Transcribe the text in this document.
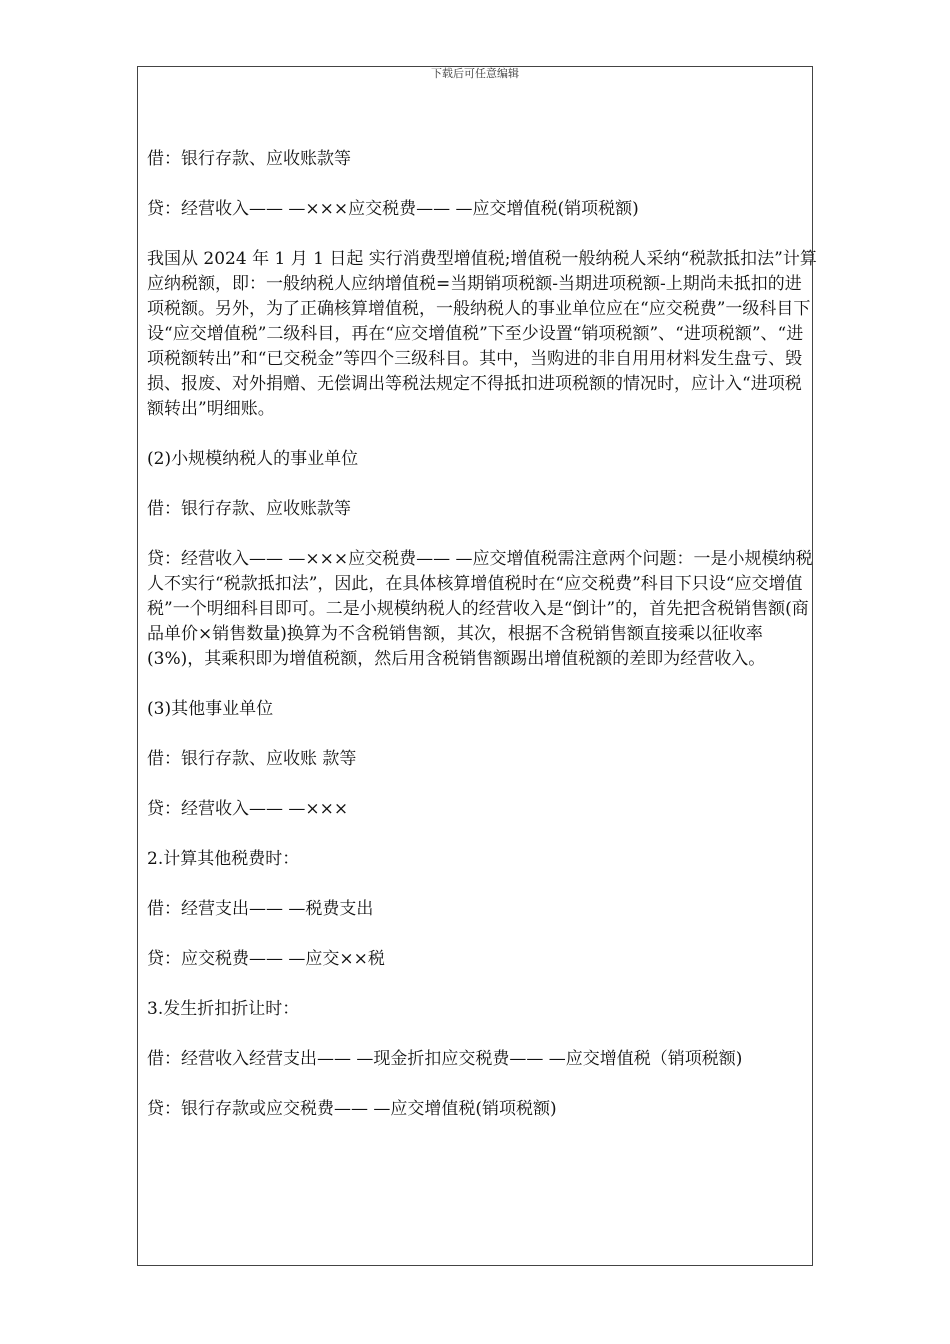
下载后可任意编辑

借：银行存款、应收账款等

贷：经营收入—— —×××应交税费—— —应交增值税(销项税额)

我国从 2024 年 1 月 1 日起 实行消费型增值税;增值税一般纳税人采纳“税款抵扣法”计算应纳税额，即：一般纳税人应纳增值税=当期销项税额-当期进项税额-上期尚未抵扣的进项税额。另外，为了正确核算增值税，一般纳税人的事业单位应在“应交税费”一级科目下设“应交增值税”二级科目，再在“应交增值税”下至少设置“销项税额”、“进项税额”、“进项税额转出”和“已交税金”等四个三级科目。其中，当购进的非自用用材料发生盘亏、毁损、报废、对外捐赠、无偿调出等税法规定不得抵扣进项税额的情况时，应计入“进项税额转出”明细账。

(2)小规模纳税人的事业单位

借：银行存款、应收账款等

贷：经营收入—— —×××应交税费—— —应交增值税需注意两个问题：一是小规模纳税人不实行“税款抵扣法”，因此，在具体核算增值税时在“应交税费”科目下只设“应交增值税”一个明细科目即可。二是小规模纳税人的经营收入是“倒计”的，首先把含税销售额(商品单价×销售数量)换算为不含税销售额，其次，根据不含税销售额直接乘以征收率(3%)，其乘积即为增值税额，然后用含税销售额踢出增值税额的差即为经营收入。

(3)其他事业单位

借：银行存款、应收账 款等

贷：经营收入—— —×××

2.计算其他税费时：

借：经营支出—— —税费支出

贷：应交税费—— —应交××税

3.发生折扣折让时：

借：经营收入经营支出—— —现金折扣应交税费—— —应交增值税（销项税额)

贷：银行存款或应交税费—— —应交增值税(销项税额)
